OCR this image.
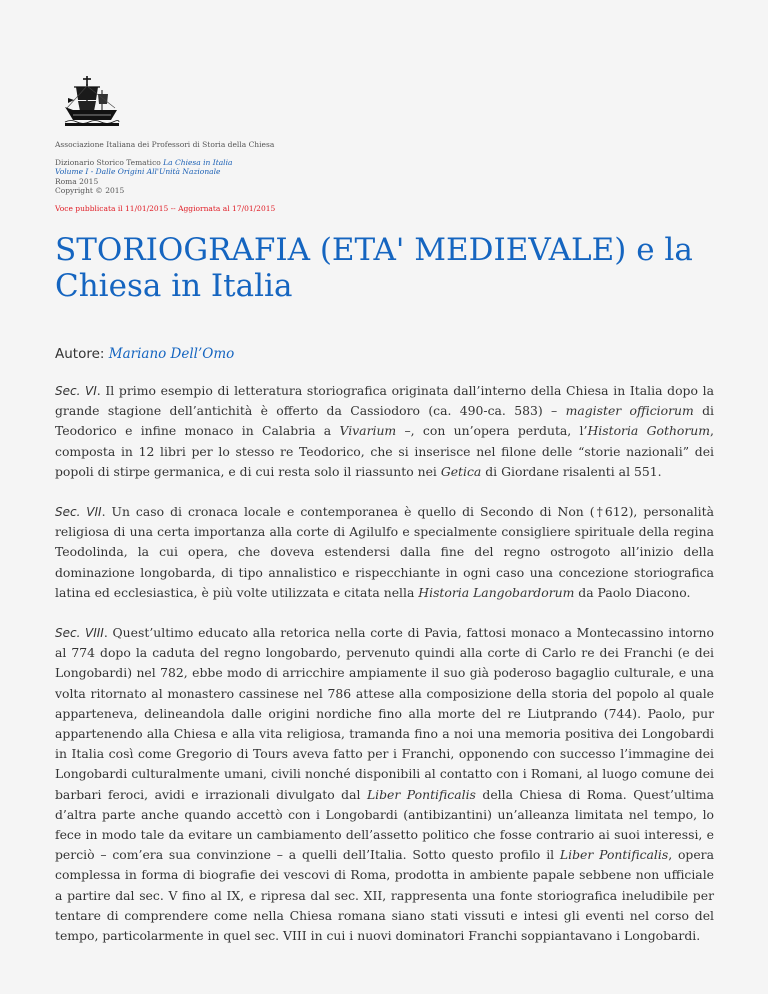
Associazione Italiana dei Professori di Storia della Chiesa
Dizionario Storico Tematico La Chiesa in Italia
Volume I - Dalle Origini All'Unità Nazionale
Roma 2015
Copyright © 2015
Voce pubblicata il 11/01/2015 -- Aggiornata al 17/01/2015
STORIOGRAFIA (ETA' MEDIEVALE) e la Chiesa in Italia
Autore: Mariano Dell’Omo

Sec. VI. Il primo esempio di letteratura storiografica originata dall’interno della Chiesa in Italia dopo la grande stagione dell’antichità è offerto da Cassiodoro (ca. 490-ca. 583) – magister officiorum di Teodorico e infine monaco in Calabria a Vivarium –, con un’opera perduta, l’Historia Gothorum, composta in 12 libri per lo stesso re Teodorico, che si inserisce nel filone delle “storie nazionali” dei popoli di stirpe germanica, e di cui resta solo il riassunto nei Getica di Giordane risalenti al 551.

Sec. VII. Un caso di cronaca locale e contemporanea è quello di Secondo di Non (†612), personalità religiosa di una certa importanza alla corte di Agilulfo e specialmente consigliere spirituale della regina Teodolinda, la cui opera, che doveva estendersi dalla fine del regno ostrogoto all’inizio della dominazione longobarda, di tipo annalistico e rispecchiante in ogni caso una concezione storiografica latina ed ecclesiastica, è più volte utilizzata e citata nella Historia Langobardorum da Paolo Diacono.

Sec. VIII. Quest’ultimo educato alla retorica nella corte di Pavia, fattosi monaco a Montecassino intorno al 774 dopo la caduta del regno longobardo, pervenuto quindi alla corte di Carlo re dei Franchi (e dei Longobardi) nel 782, ebbe modo di arricchire ampiamente il suo già poderoso bagaglio culturale, e una volta ritornato al monastero cassinese nel 786 attese alla composizione della storia del popolo al quale apparteneva, delineandola dalle origini nordiche fino alla morte del re Liutprando (744). Paolo, pur appartenendo alla Chiesa e alla vita religiosa, tramanda fino a noi una memoria positiva dei Longobardi in Italia così come Gregorio di Tours aveva fatto per i Franchi, opponendo con successo l’immagine dei Longobardi culturalmente umani, civili nonché disponibili al contatto con i Romani, al luogo comune dei barbari feroci, avidi e irrazionali divulgato dal Liber Pontificalis della Chiesa di Roma. Quest’ultima d’altra parte anche quando accettò con i Longobardi (antibizantini) un’alleanza limitata nel tempo, lo fece in modo tale da evitare un cambiamento dell’assetto politico che fosse contrario ai suoi interessi, e perciò – com’era sua convinzione – a quelli dell’Italia. Sotto questo profilo il Liber Pontificalis, opera complessa in forma di biografie dei vescovi di Roma, prodotta in ambiente papale sebbene non ufficiale a partire dal sec. V fino al IX, e ripresa dal sec. XII, rappresenta una fonte storiografica ineludibile per tentare di comprendere come nella Chiesa romana siano stati vissuti e intesi gli eventi nel corso del tempo, particolarmente in quel sec. VIII in cui i nuovi dominatori Franchi soppiantavano i Longobardi.
